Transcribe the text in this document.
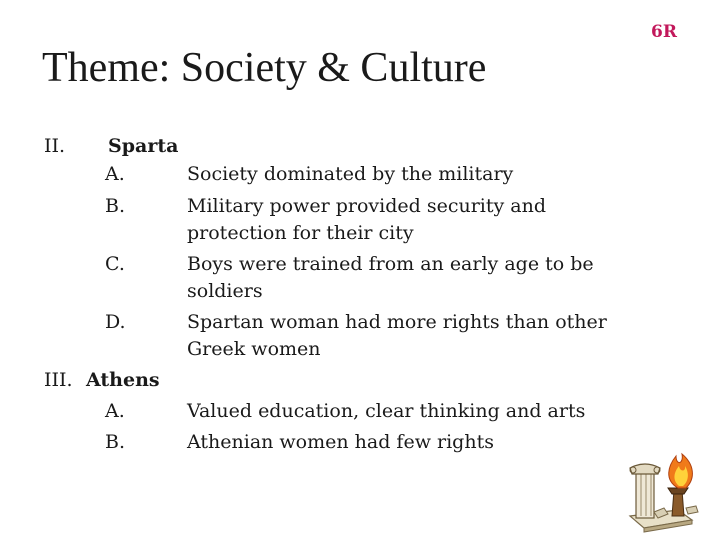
6R
Theme: Society & Culture
II. Sparta
A.	Society dominated by the military
B.	Military power provided security and
protection for their city
C.	Boys were trained from an early age to be
soldiers
D.	Spartan woman had more rights than other
Greek women
III. Athens
A.	Valued education, clear thinking and arts
B.	Athenian women had few rights
